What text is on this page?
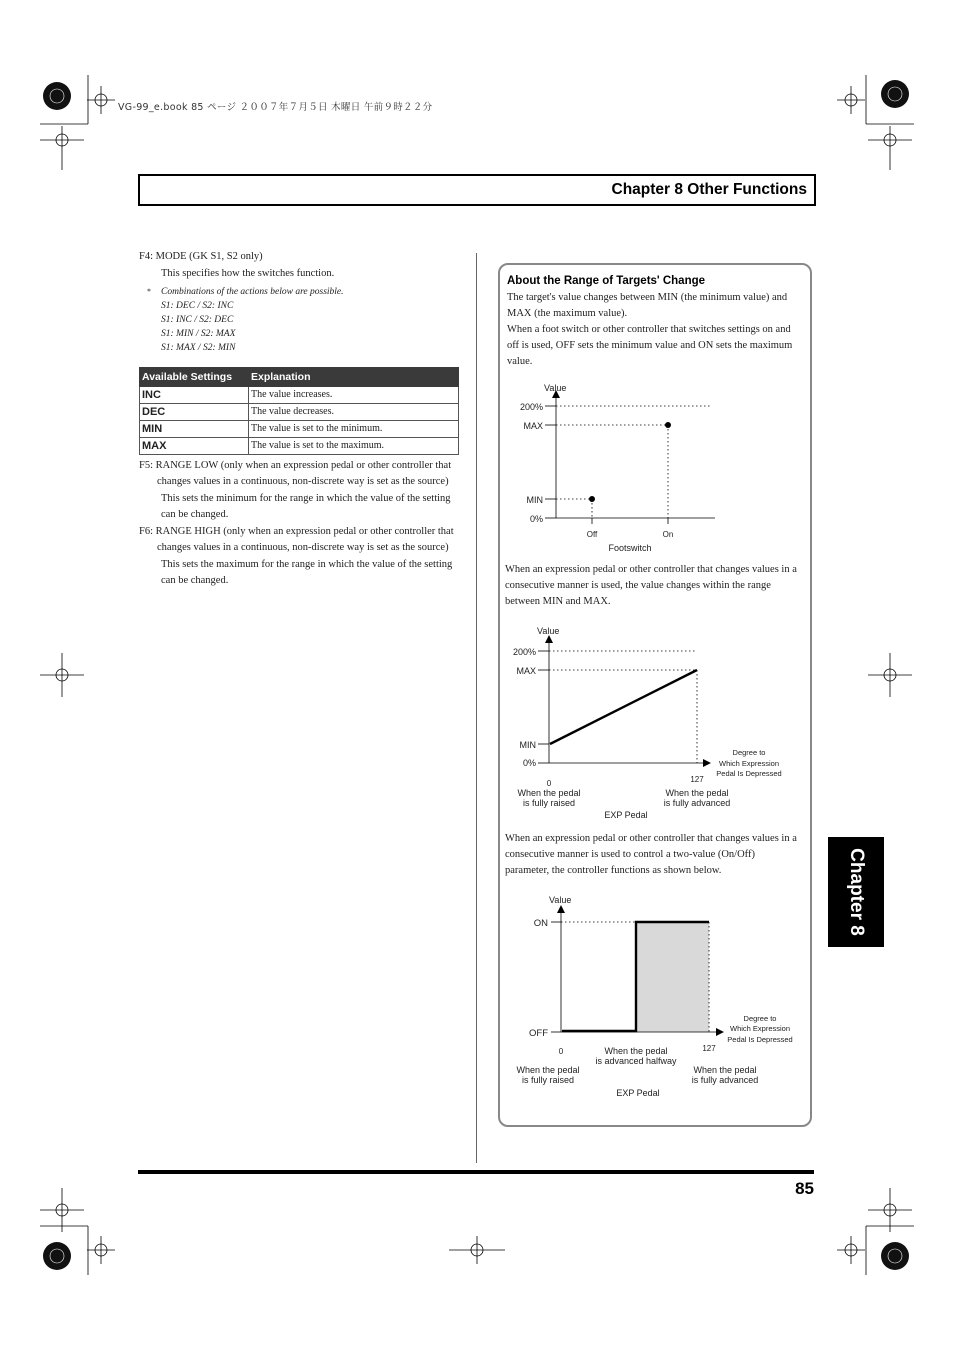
VG-99_e.book 85 ページ ２００７年７月５日 木曜日 午前９時２２分
Chapter 8 Other Functions

F4: MODE (GK S1, S2 only)

This specifies how the switches function.

* Combinations of the actions below are possible.
S1: DEC / S2: INC
S1: INC / S2: DEC
S1: MIN / S2: MAX
S1: MAX / S2: MIN
Available Settings	Explanation
INC	The value increases.
DEC	The value decreases.
MIN	The value is set to the minimum.
MAX	The value is set to the maximum.

F5: RANGE LOW (only when an expression pedal or other controller that changes values in a continuous, non-discrete way is set as the source)

This sets the minimum for the range in which the value of the setting can be changed.

F6: RANGE HIGH (only when an expression pedal or other controller that changes values in a continuous, non-discrete way is set as the source)

This sets the maximum for the range in which the value of the setting can be changed.

About the Range of Targets' Change

The target's value changes between MIN (the minimum value) and MAX (the maximum value).

When a foot switch or other controller that switches settings on and off is used, OFF sets the minimum value and ON sets the maximum value.

When an expression pedal or other controller that changes values in a consecutive manner is used, the value changes within the range between MIN and MAX.
When an expression pedal or other controller that changes values in a consecutive manner is used to control a two-value (On/Off) parameter, the controller functions as shown below.
Value
200%
MAX
MIN
0%
Off	On
Footswitch
Value
200%
MAX
MIN
0%
0	127
Degree to
Which Expression
Pedal Is Depressed
When the pedal
is fully raised
When the pedal
is fully advanced
EXP Pedal
Value
ON
OFF
0	127
Degree to
Which Expression
Pedal Is Depressed
When the pedal
is advanced halfway
When the pedal
is fully raised
When the pedal
is fully advanced
EXP Pedal
85
Chapter 8
